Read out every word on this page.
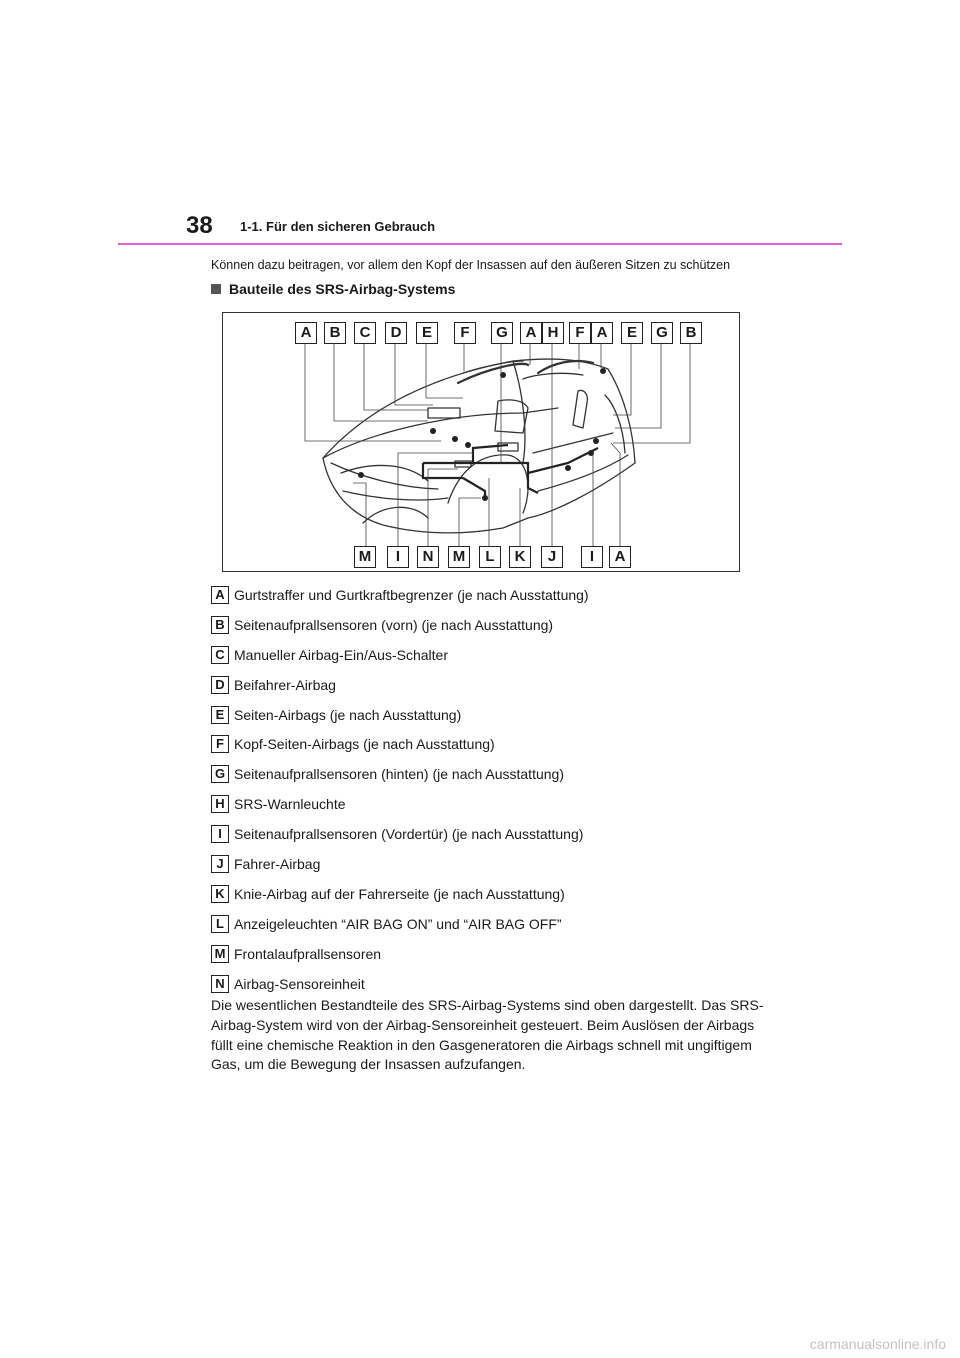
38 1-1. Für den sicheren Gebrauch
Können dazu beitragen, vor allem den Kopf der Insassen auf den äußeren Sitzen zu schützen
Bauteile des SRS-Airbag-Systems
A	B	C	D	E	F	G	A H	F A	E	G	B
M	I	N	M	L	K	J	I	A
A Gurtstraffer und Gurtkraftbegrenzer (je nach Ausstattung)
B Seitenaufprallsensoren (vorn) (je nach Ausstattung)
C Manueller Airbag-Ein/Aus-Schalter
D Beifahrer-Airbag
E Seiten-Airbags (je nach Ausstattung)
F Kopf-Seiten-Airbags (je nach Ausstattung)
G Seitenaufprallsensoren (hinten) (je nach Ausstattung)
H SRS-Warnleuchte
I Seitenaufprallsensoren (Vordertür) (je nach Ausstattung)
J Fahrer-Airbag
K Knie-Airbag auf der Fahrerseite (je nach Ausstattung)
L Anzeigeleuchten “AIR BAG ON” und “AIR BAG OFF”
M Frontalaufprallsensoren
N Airbag-Sensoreinheit
Die wesentlichen Bestandteile des SRS-Airbag-Systems sind oben dargestellt. Das SRS-Airbag-System wird von der Airbag-Sensoreinheit gesteuert. Beim Auslösen der Airbags füllt eine chemische Reaktion in den Gasgeneratoren die Airbags schnell mit ungiftigem Gas, um die Bewegung der Insassen aufzufangen.
carmanualsonline.info
